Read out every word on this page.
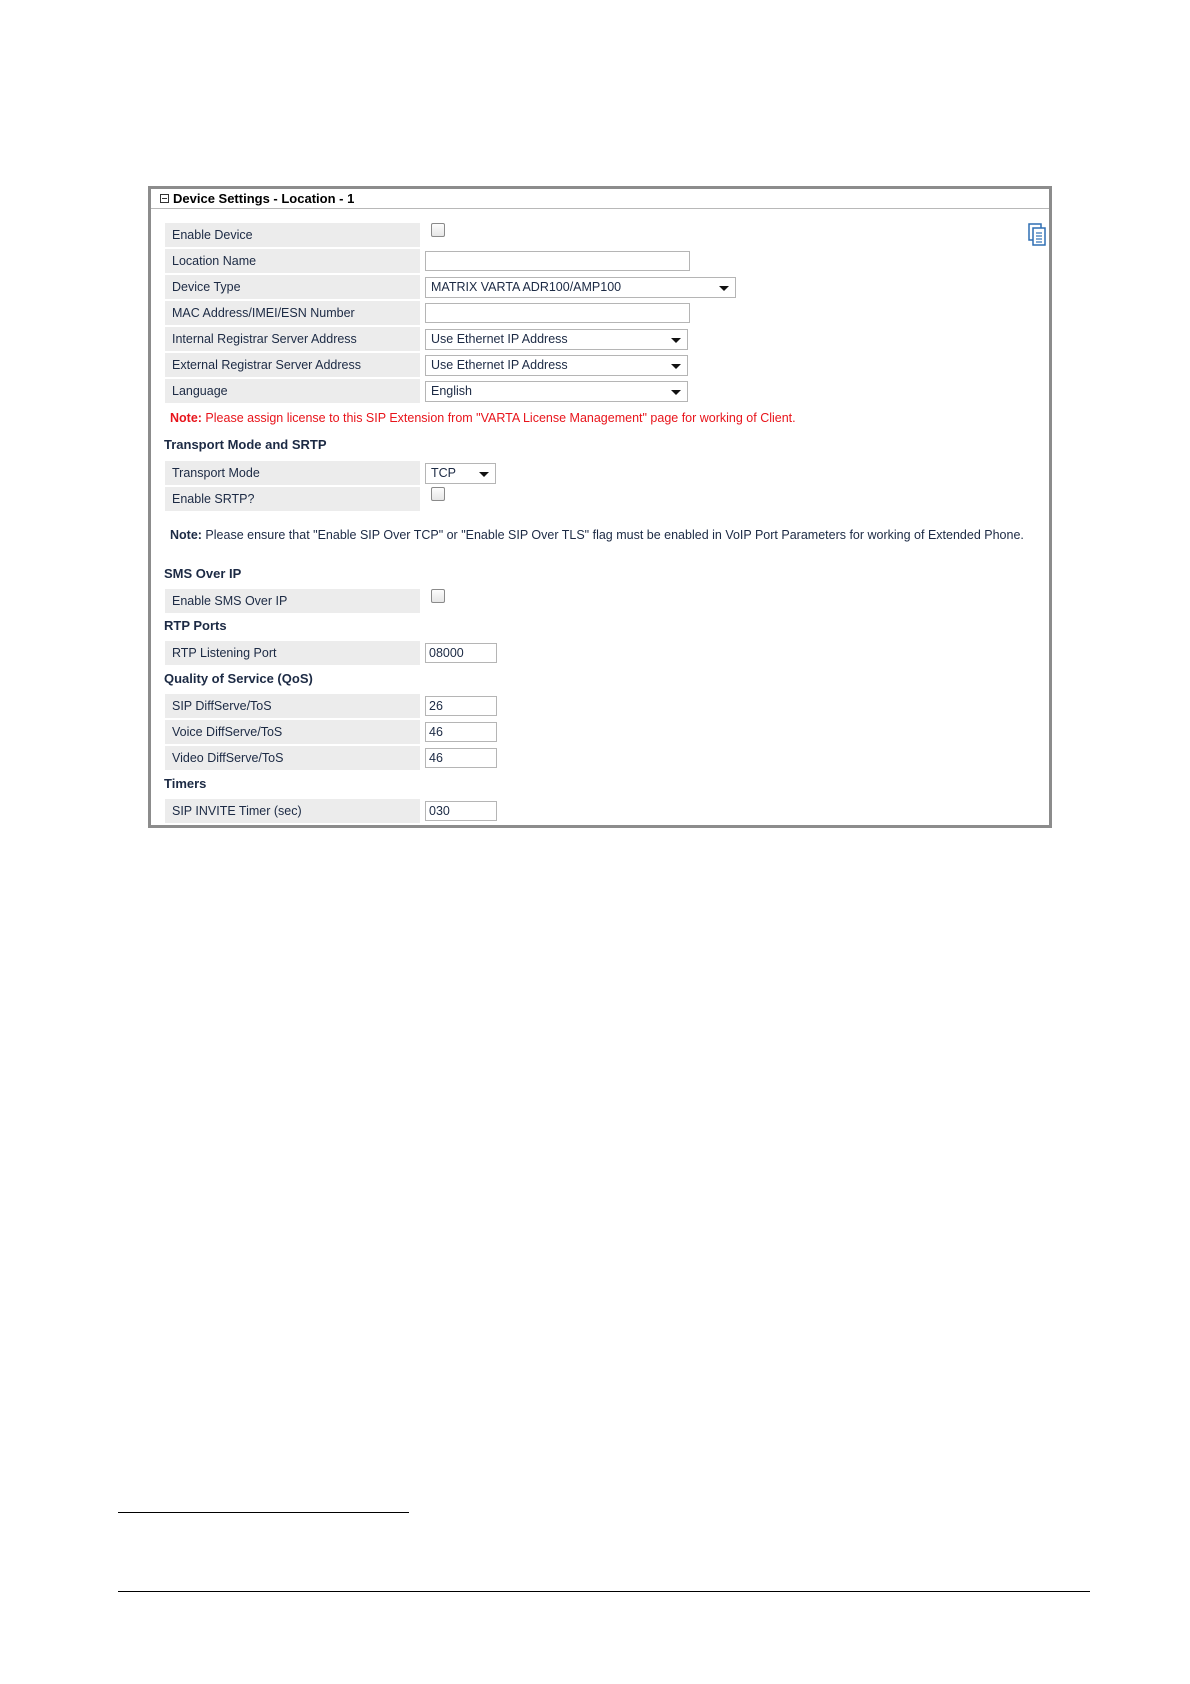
Device Settings - Location - 1
Enable Device
Location Name
Device Type	MATRIX VARTA ADR100/AMP100
MAC Address/IMEI/ESN Number
Internal Registrar Server Address	Use Ethernet IP Address
External Registrar Server Address	Use Ethernet IP Address
Language	English
Note: Please assign license to this SIP Extension from "VARTA License Management" page for working of Client.
Transport Mode and SRTP
Transport Mode	TCP
Enable SRTP?
Note: Please ensure that "Enable SIP Over TCP" or "Enable SIP Over TLS" flag must be enabled in VoIP Port Parameters for working of Extended Phone.
SMS Over IP
Enable SMS Over IP
RTP Ports
RTP Listening Port	08000
Quality of Service (QoS)
SIP DiffServe/ToS	26
Voice DiffServe/ToS	46
Video DiffServe/ToS	46
Timers
SIP INVITE Timer (sec)	030
